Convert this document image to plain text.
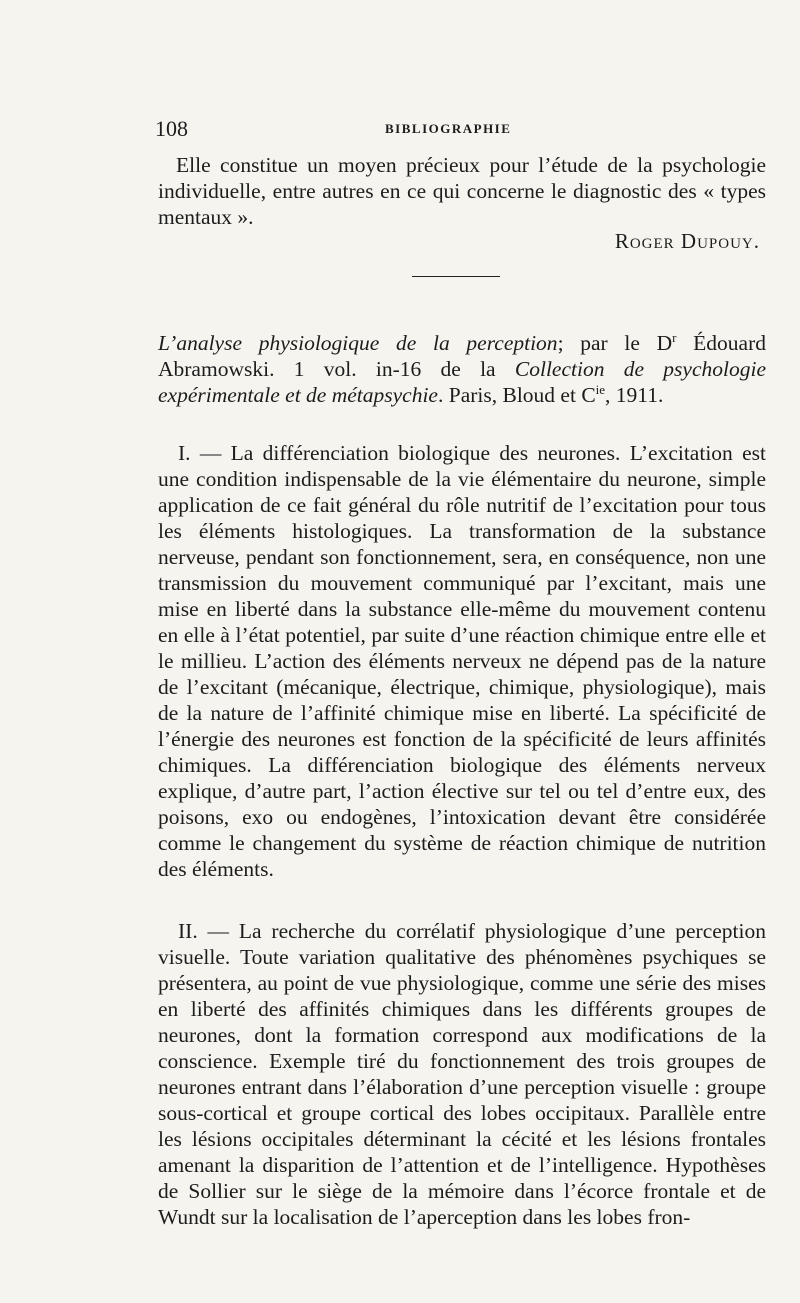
108	BIBLIOGRAPHIE
Elle constitue un moyen précieux pour l’étude de la psychologie individuelle, entre autres en ce qui concerne le diagnostic des « types mentaux ».
Roger Dupouy.
L’analyse physiologique de la perception; par le $D^r$ Édouard Abramowski. 1 vol. in-16 de la Collection de psychologie expérimentale et de métapsychie. Paris, Bloud et $C^{ie}$, 1911.
I. — La différenciation biologique des neurones. L’excitation est une condition indispensable de la vie élémentaire du neurone, simple application de ce fait général du rôle nutritif de l’excitation pour tous les éléments histologiques. La transformation de la substance nerveuse, pendant son fonctionnement, sera, en conséquence, non une transmission du mouvement communiqué par l’excitant, mais une mise en liberté dans la substance elle-même du mouvement contenu en elle à l’état potentiel, par suite d’une réaction chimique entre elle et le millieu. L’action des éléments nerveux ne dépend pas de la nature de l’excitant (mécanique, électrique, chimique, physiologique), mais de la nature de l’affinité chimique mise en liberté. La spécificité de l’énergie des neurones est fonction de la spécificité de leurs affinités chimiques. La différenciation biologique des éléments nerveux explique, d’autre part, l’action élective sur tel ou tel d’entre eux, des poisons, exo ou endogènes, l’intoxication devant être considérée comme le changement du système de réaction chimique de nutrition des éléments.
II. — La recherche du corrélatif physiologique d’une perception visuelle. Toute variation qualitative des phénomènes psychiques se présentera, au point de vue physiologique, comme une série des mises en liberté des affinités chimiques dans les différents groupes de neurones, dont la formation correspond aux modifications de la conscience. Exemple tiré du fonctionnement des trois groupes de neurones entrant dans l’élaboration d’une perception visuelle : groupe sous-cortical et groupe cortical des lobes occipitaux. Parallèle entre les lésions occipitales déterminant la cécité et les lésions frontales amenant la disparition de l’attention et de l’intelligence. Hypothèses de Sollier sur le siège de la mémoire dans l’écorce frontale et de Wundt sur la localisation de l’aperception dans les lobes fron-
